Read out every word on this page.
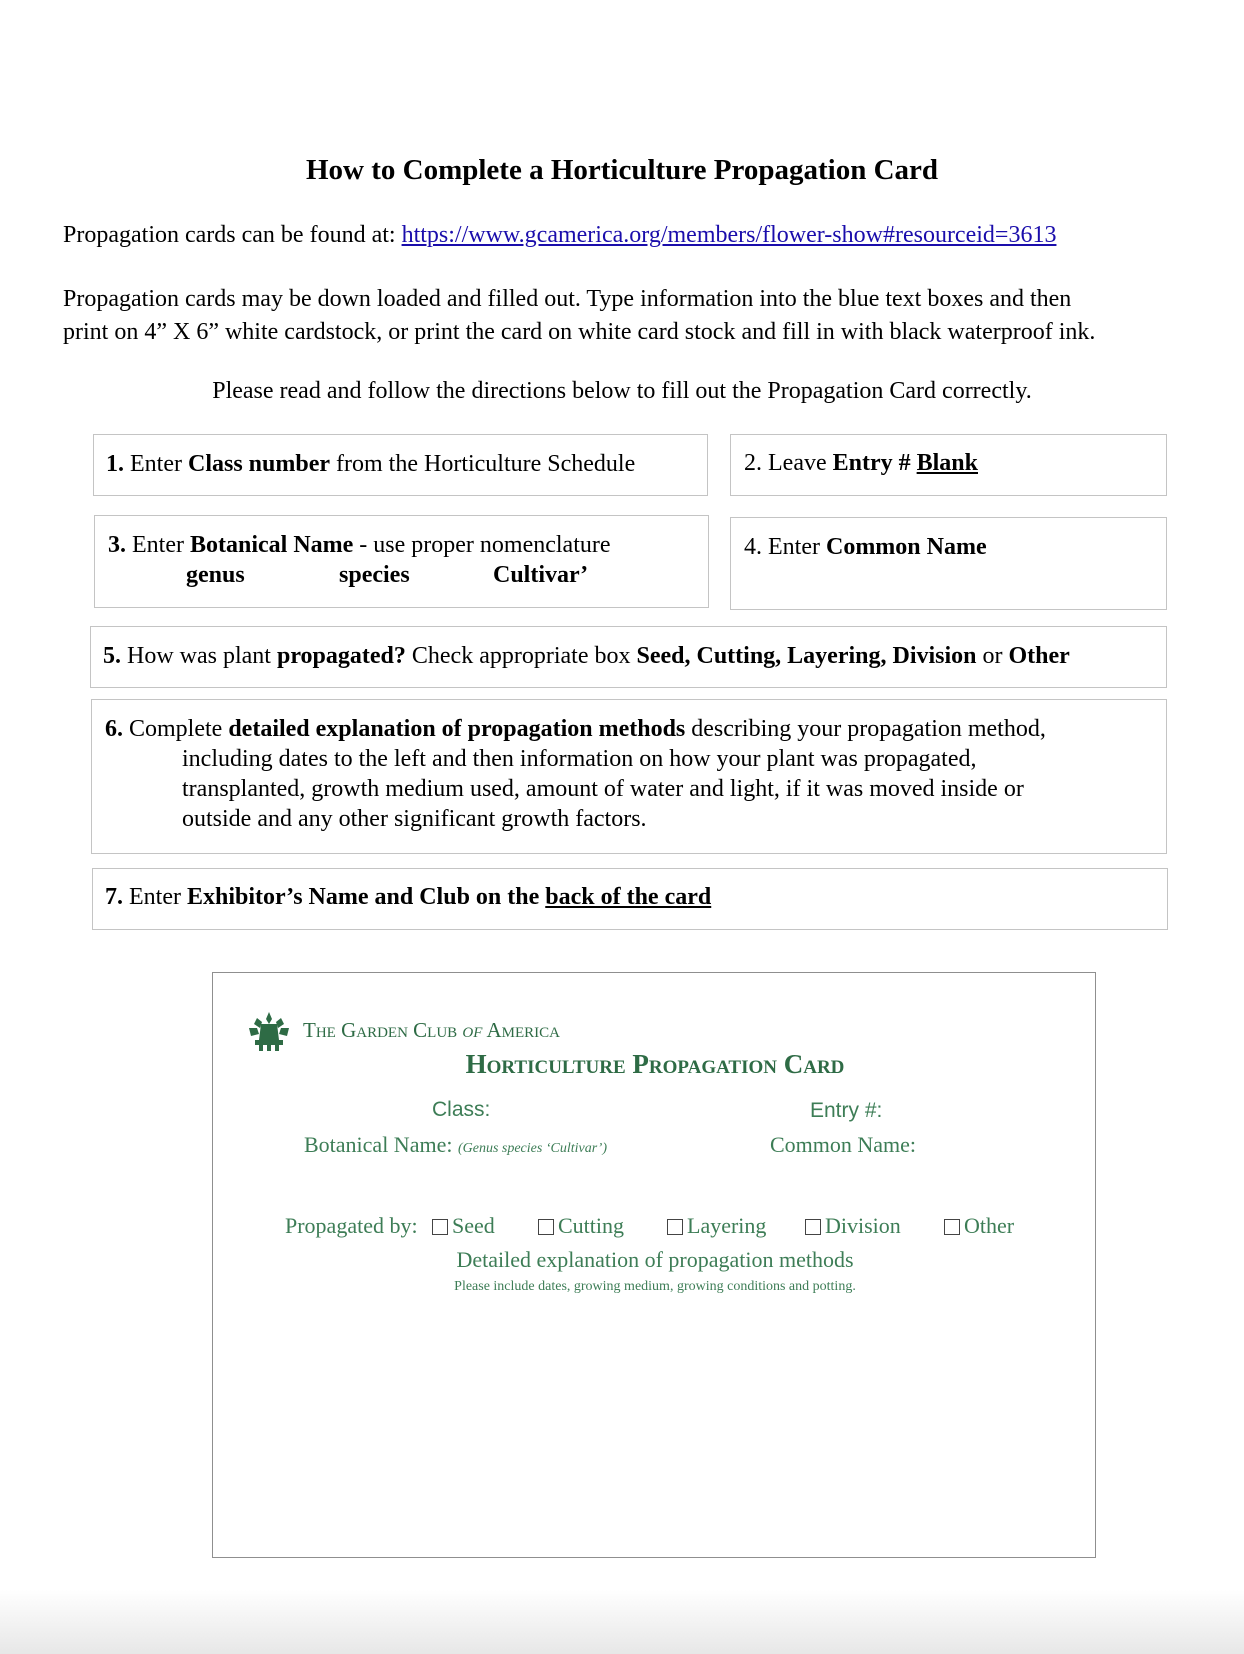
How to Complete a Horticulture Propagation Card
Propagation cards can be found at: https://www.gcamerica.org/members/flower-show#resourceid=3613
Propagation cards may be down loaded and filled out. Type information into the blue text boxes and then
print on 4” X 6” white cardstock, or print the card on white card stock and fill in with black waterproof ink.
Please read and follow the directions below to fill out the Propagation Card correctly.
1. Enter Class number from the Horticulture Schedule	2. Leave Entry # Blank
3. Enter Botanical Name - use proper nomenclature
genus	species	Cultivar’
4. Enter Common Name
5. How was plant propagated? Check appropriate box Seed, Cutting, Layering, Division or Other
6. Complete detailed explanation of propagation methods describing your propagation method,
including dates to the left and then information on how your plant was propagated,
transplanted, growth medium used, amount of water and light, if it was moved inside or
outside and any other significant growth factors.
7. Enter Exhibitor’s Name and Club on the back of the card
The Garden Club of America
Horticulture Propagation Card
Class:	Entry #:
Botanical Name: (Genus species ‘Cultivar’)	Common Name:
Propagated by:	Seed	Cutting	Layering	Division	Other
Detailed explanation of propagation methods
Please include dates, growing medium, growing conditions and potting.
